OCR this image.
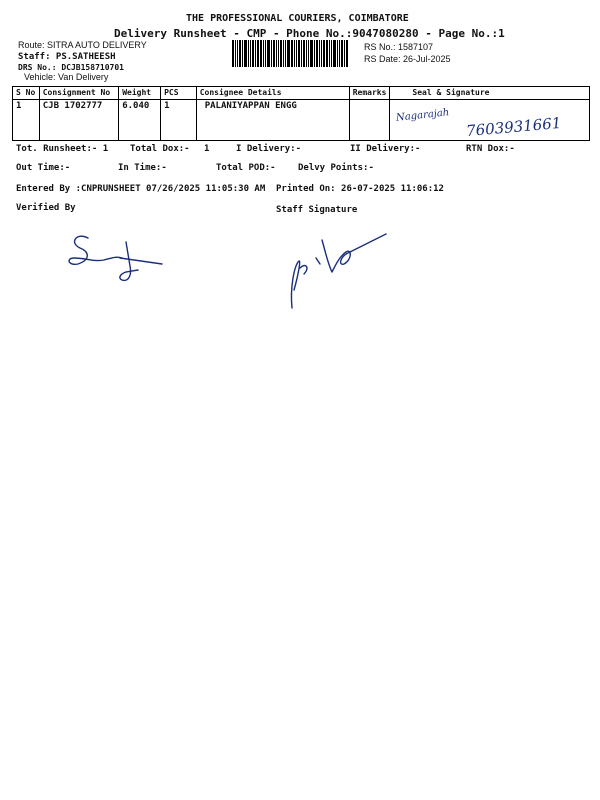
THE PROFESSIONAL COURIERS, COIMBATORE
Delivery Runsheet - CMP - Phone No.:9047080280 - Page No.:1
Route: SITRA AUTO DELIVERY
Staff: PS.SATHEESH
DRS No.: DCJB158710701
Vehicle: Van Delivery
RS No.: 1587107
RS Date: 26-Jul-2025
S No	Consignment No	Weight	PCS	Consignee Details	Remarks	Seal & Signature
1	CJB 1702777	6.040	1	PALANIYAPPAN ENGG		
Nagarajah 7603931661
Tot. Runsheet:- 1 Total Dox:- 1	I Delivery:-	II Delivery:-	RTN Dox:-
Out Time:-	In Time:-	Total POD:- Delvy Points:-
Entered By :CNPRUNSHEET 07/26/2025 11:05:30 AM Printed On: 26-07-2025 11:06:12
Verified By	Staff Signature
